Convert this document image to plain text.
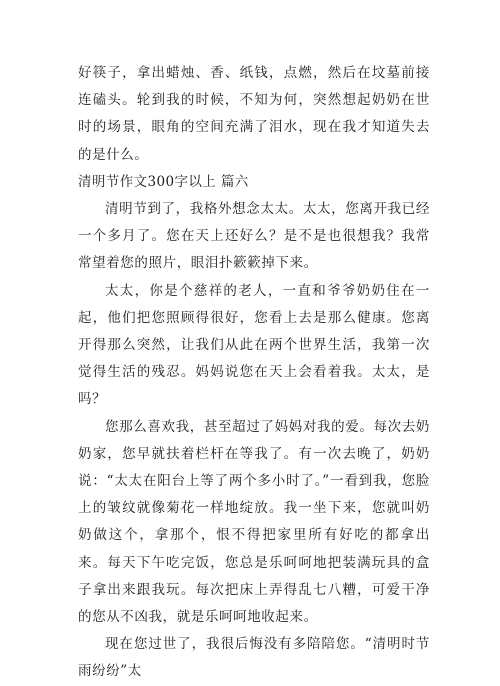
好筷子，拿出蜡烛、香、纸钱，点燃，然后在坟墓前接连磕头。轮到我的时候，不知为何，突然想起奶奶在世时的场景，眼角的空间充满了泪水，现在我才知道失去的是什么。

清明节作文300字以上 篇六

清明节到了，我格外想念太太。太太，您离开我已经一个多月了。您在天上还好么？是不是也很想我？我常常望着您的照片，眼泪扑簌簌掉下来。

太太，你是个慈祥的老人，一直和爷爷奶奶住在一起，他们把您照顾得很好，您看上去是那么健康。您离开得那么突然，让我们从此在两个世界生活，我第一次觉得生活的残忍。妈妈说您在天上会看着我。太太，是吗？

您那么喜欢我，甚至超过了妈妈对我的爱。每次去奶奶家，您早就扶着栏杆在等我了。有一次去晚了，奶奶说：“太太在阳台上等了两个多小时了。”一看到我，您脸上的皱纹就像菊花一样地绽放。我一坐下来，您就叫奶奶做这个，拿那个，恨不得把家里所有好吃的都拿出来。每天下午吃完饭，您总是乐呵呵地把装满玩具的盒子拿出来跟我玩。每次把床上弄得乱七八糟，可爱干净的您从不凶我，就是乐呵呵地收起来。

现在您过世了，我很后悔没有多陪陪您。“清明时节雨纷纷”太
